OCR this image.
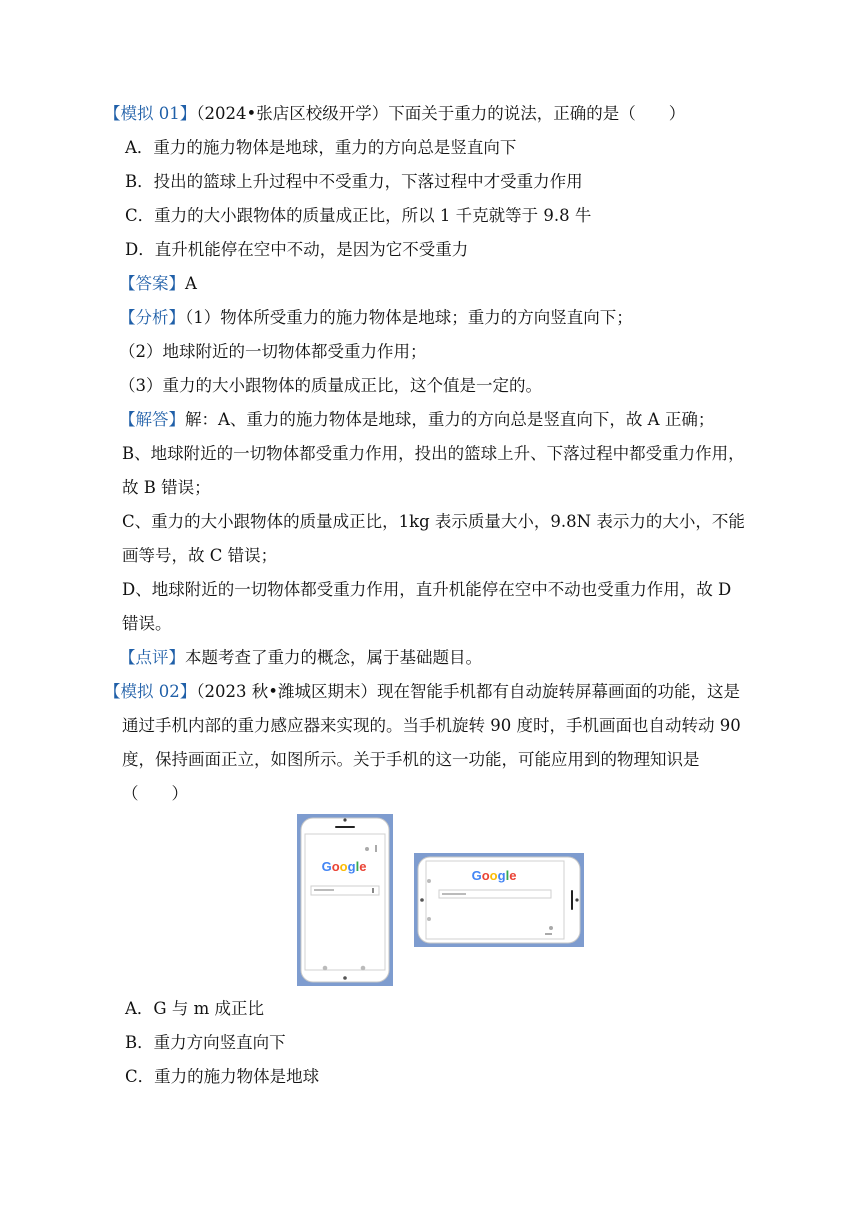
【模拟 01】（2024•张店区校级开学）下面关于重力的说法，正确的是（　　）
A．重力的施力物体是地球，重力的方向总是竖直向下
B．投出的篮球上升过程中不受重力，下落过程中才受重力作用
C．重力的大小跟物体的质量成正比，所以 1 千克就等于 9.8 牛
D．直升机能停在空中不动，是因为它不受重力
【答案】A
【分析】（1）物体所受重力的施力物体是地球；重力的方向竖直向下；
（2）地球附近的一切物体都受重力作用；
（3）重力的大小跟物体的质量成正比，这个值是一定的。
【解答】解：A、重力的施力物体是地球，重力的方向总是竖直向下，故 A 正确；
B、地球附近的一切物体都受重力作用，投出的篮球上升、下落过程中都受重力作用，
故 B 错误；
C、重力的大小跟物体的质量成正比，1kg 表示质量大小，9.8N 表示力的大小，不能
画等号，故 C 错误；
D、地球附近的一切物体都受重力作用，直升机能停在空中不动也受重力作用，故 D
错误。
【点评】本题考查了重力的概念，属于基础题目。
【模拟 02】（2023 秋•潍城区期末）现在智能手机都有自动旋转屏幕画面的功能，这是
通过手机内部的重力感应器来实现的。当手机旋转 90 度时，手机画面也自动转动 90
度，保持画面正立，如图所示。关于手机的这一功能，可能应用到的物理知识是
（　　）
Google
Google
A．G 与 m 成正比
B．重力方向竖直向下
C．重力的施力物体是地球
